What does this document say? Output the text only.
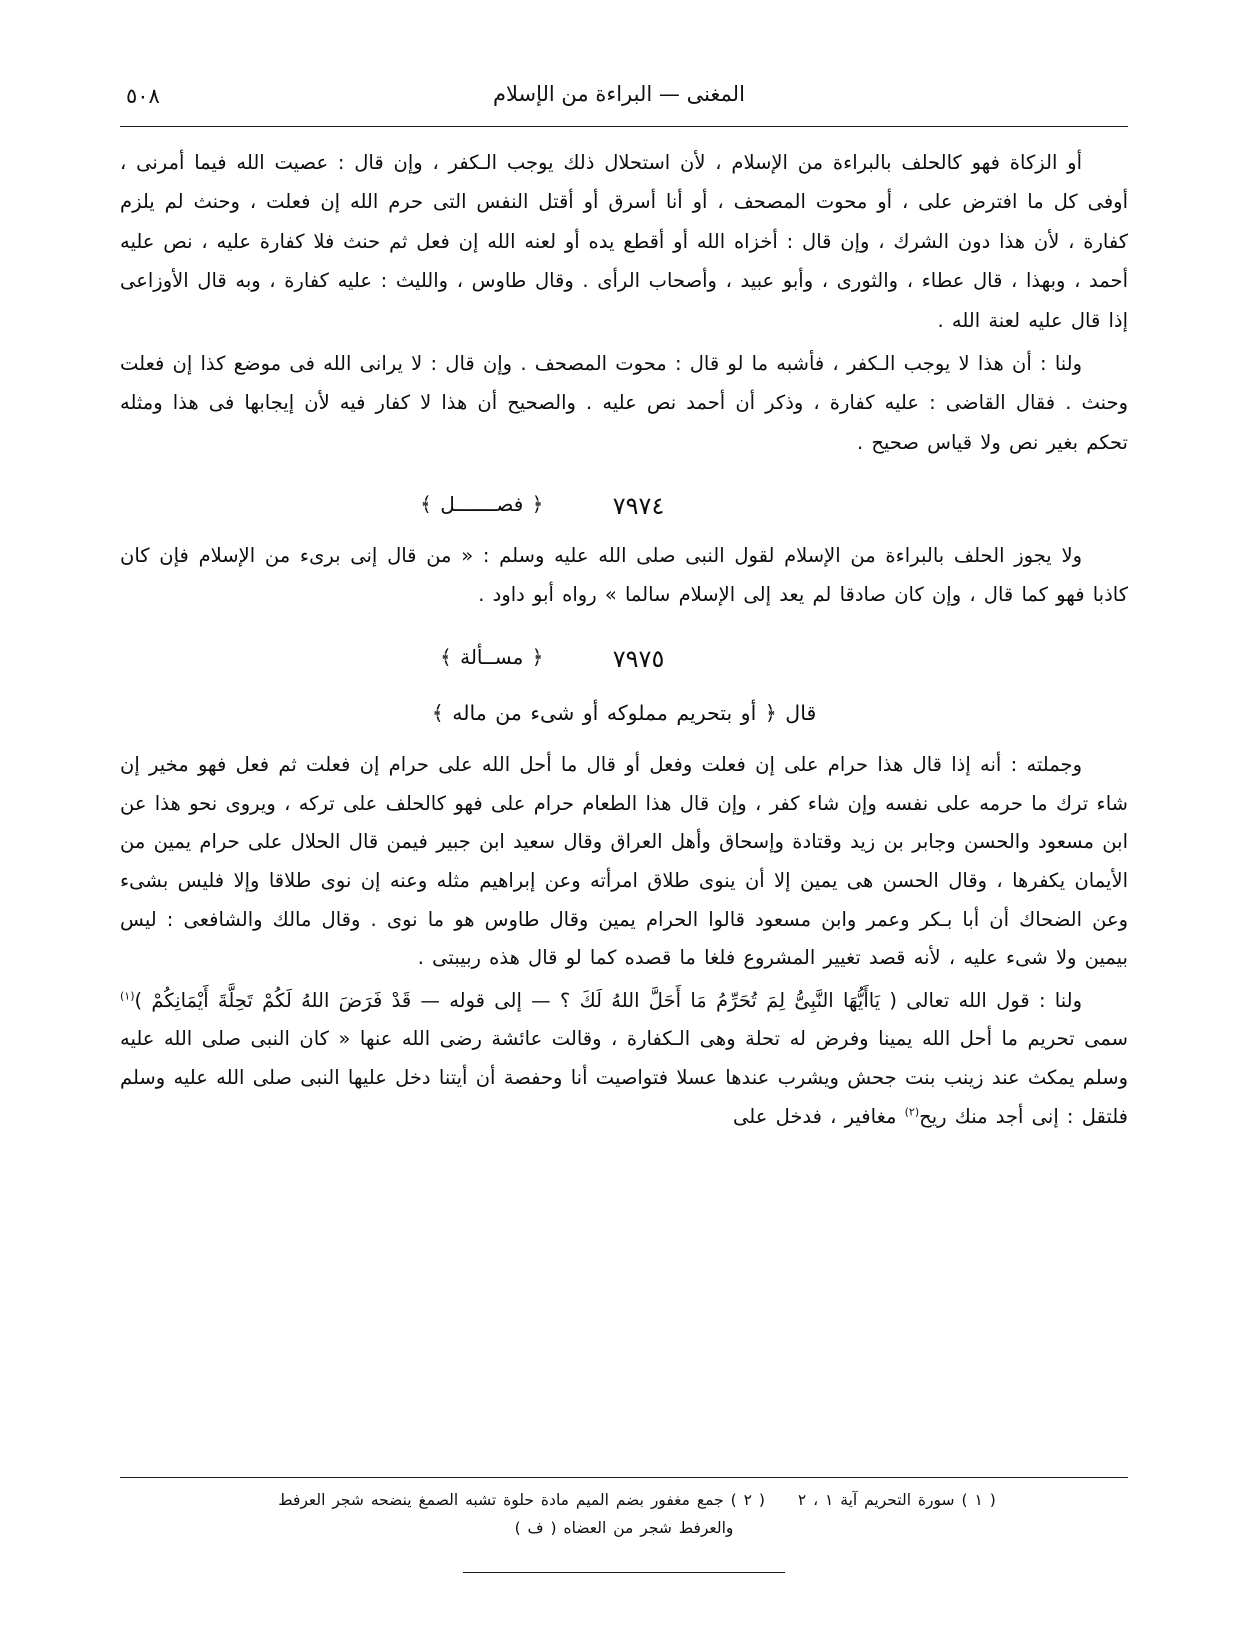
المغنى — البراءة من الإسلام
٥٠٨

أو الزكاة فهو كالحلف بالبراءة من الإسلام ، لأن استحلال ذلك يوجب الـكفر ، وإن قال : عصيت الله فيما أمرنى ، أوفى كل ما افترض على ، أو محوت المصحف ، أو أنا أسرق أو أقتل النفس التى حرم الله إن فعلت ، وحنث لم يلزم كفارة ، لأن هذا دون الشرك ، وإن قال : أخزاه الله أو أقطع يده أو لعنه الله إن فعل ثم حنث فلا كفارة عليه ، نص عليه أحمد ، وبهذا ، قال عطاء ، والثورى ، وأبو عبيد ، وأصحاب الرأى . وقال طاوس ، والليث : عليه كفارة ، وبه قال الأوزاعى إذا قال عليه لعنة الله .

ولنا : أن هذا لا يوجب الـكفر ، فأشبه ما لو قال : محوت المصحف . وإن قال : لا يرانى الله فى موضع كذا إن فعلت وحنث . فقال القاضى : عليه كفارة ، وذكر أن أحمد نص عليه . والصحيح أن هذا لا كفار فيه لأن إيجابها فى هذا ومثله تحكم بغير نص ولا قياس صحيح .

٧٩٧٤
﴿ فصـــــــل ﴾

ولا يجوز الحلف بالبراءة من الإسلام لقول النبى صلى الله عليه وسلم : « من قال إنى برىء من الإسلام فإن كان كاذبا فهو كما قال ، وإن كان صادقا لم يعد إلى الإسلام سالما » رواه أبو داود .

٧٩٧٥
﴿ مســألة ﴾

قال ﴿ أو بتحريم مملوكه أو شىء من ماله ﴾

وجملته : أنه إذا قال هذا حرام على إن فعلت وفعل أو قال ما أحل الله على حرام إن فعلت ثم فعل فهو مخير إن شاء ترك ما حرمه على نفسه وإن شاء كفر ، وإن قال هذا الطعام حرام على فهو كالحلف على تركه ، ويروى نحو هذا عن ابن مسعود والحسن وجابر بن زيد وقتادة وإسحاق وأهل العراق وقال سعيد ابن جبير فيمن قال الحلال على حرام يمين من الأيمان يكفرها ، وقال الحسن هى يمين إلا أن ينوى طلاق امرأته وعن إبراهيم مثله وعنه إن نوى طلاقا وإلا فليس بشىء وعن الضحاك أن أبا بـكر وعمر وابن مسعود قالوا الحرام يمين وقال طاوس هو ما نوى . وقال مالك والشافعى : ليس بيمين ولا شىء عليه ، لأنه قصد تغيير المشروع فلغا ما قصده كما لو قال هذه ربيبتى .

ولنا : قول الله تعالى ( يَاأَيُّهَا النَّبِىُّ لِمَ تُحَرِّمُ مَا أَحَلَّ اللهُ لَكَ ؟ — إلى قوله — قَدْ فَرَضَ اللهُ لَكُمْ تَحِلَّةَ أَيْمَانِكُمْ )$^{(١)}$ سمى تحريم ما أحل الله يمينا وفرض له تحلة وهى الـكفارة ، وقالت عائشة رضى الله عنها « كان النبى صلى الله عليه وسلم يمكث عند زينب بنت جحش ويشرب عندها عسلا فتواصيت أنا وحفصة أن أيتنا دخل عليها النبى صلى الله عليه وسلم فلتقل : إنى أجد منك ريح$^{(٢)}$ مغافير ، فدخل على

( ١ ) سورة التحريم آية ١ ، ٢ ( ٢ ) جمع مغفور بضم الميم مادة حلوة تشبه الصمغ ينضحه شجر العرفط
والعرفط شجر من العضاه ( ف )
